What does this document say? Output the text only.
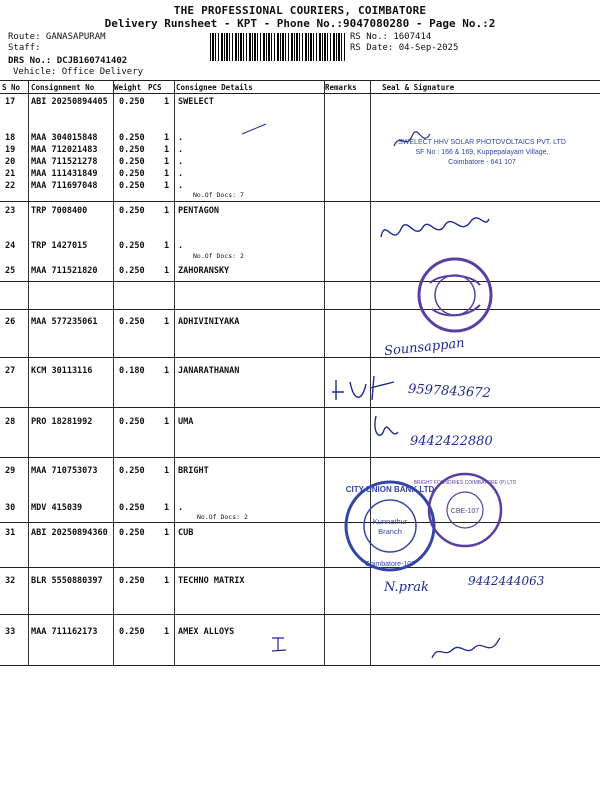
THE PROFESSIONAL COURIERS, COIMBATORE
Delivery Runsheet - KPT - Phone No.:9047080280 - Page No.:2
Route: GANASAPURAM
Staff:
DRS No.: DCJB160741402
Vehicle: Office Delivery
RS No.: 1607414
RS Date: 04-Sep-2025
S No Consignment No	Weight PCS Consignee Details	Remarks	Seal & Signature
17 ABI 20250894405 0.250 1 SWELECT
18 MAA 304015848	0.250 1 .
19 MAA 712021483	0.250 1 .
20 MAA 711521278	0.250 1 .
21 MAA 111431849	0.250 1 .
22 MAA 711697048	0.250 1 .
No.Of Docs: 7
23 TRP 7008400	0.250 1 PENTAGON
24 TRP 1427015	0.250 1 .
No.Of Docs: 2
25 MAA 711521820	0.250 1 ZAHORANSKY
26 MAA 577235061	0.250 1 ADHIVINIYAKA
27 KCM 30113116	0.180 1 JANARATHANAN
28 PRO 18281992	0.250 1 UMA
29 MAA 710753073	0.250 1 BRIGHT
30 MDV 415039	0.250 1 .
No.Of Docs: 2
31 ABI 20250894360 0.250 1 CUB
32 BLR 5550880397 0.250 1 TECHNO MATRIX
33 MAA 711162173	0.250 1 AMEX ALLOYS
SWELECT HHV SOLAR PHOTOVOLTAICS PVT. LTD
SF No : 166 & 169, Kuppepalayam Village,
Coimbatore - 641 107
Sounsappan
9597843672
9442422880
CITY UNION BANK LTD
Kunnathur
Branch
Coimbatore-107
BRIGHT FOUNDRIES COIMBATORE (P) LTD
CBE-107
N.prak	9442444063
